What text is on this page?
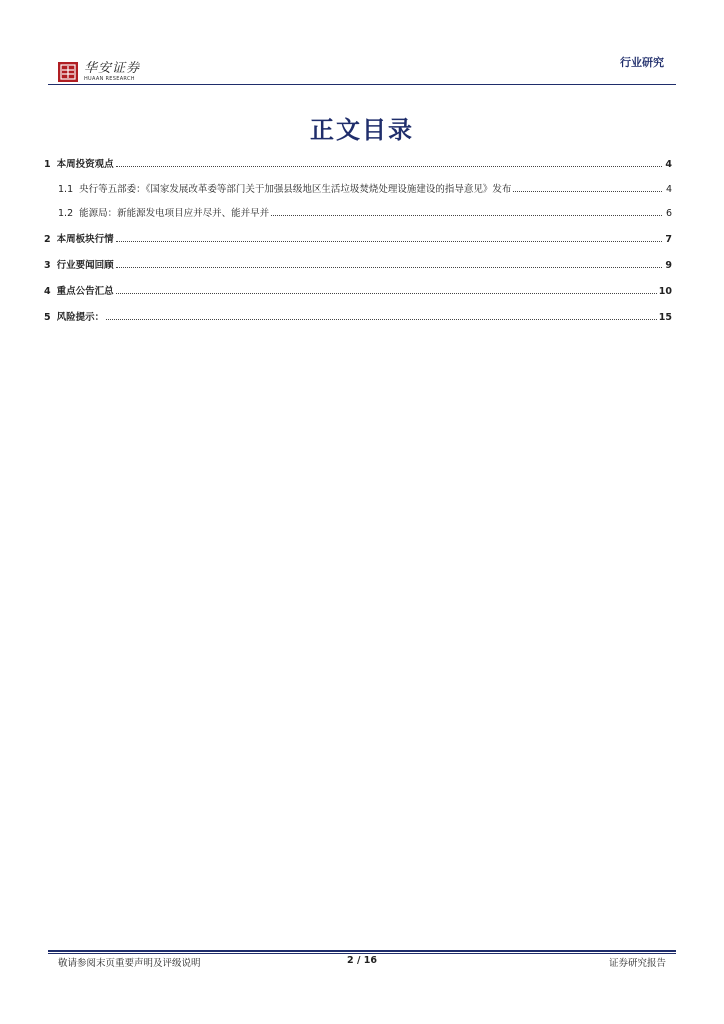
华安证券
HUAAN RESEARCH
行业研究
正文目录
1 本周投资观点	4
1.1 央行等五部委：《国家发展改革委等部门关于加强县级地区生活垃圾焚烧处理设施建设的指导意见》发布	4
1.2 能源局：新能源发电项目应并尽并、能并早并	6
2 本周板块行情	7
3 行业要闻回顾	9
4 重点公告汇总	10
5 风险提示：	15
敬请参阅末页重要声明及评级说明	2 / 16	证券研究报告
